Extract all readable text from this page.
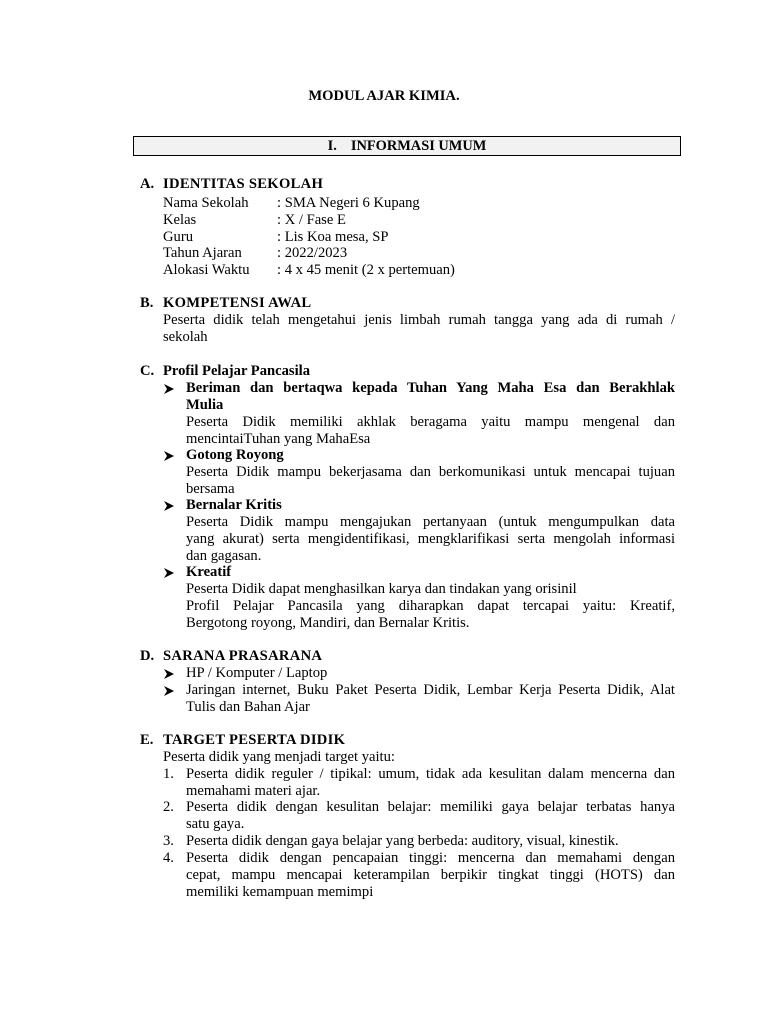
MODUL AJAR KIMIA.
I. INFORMASI UMUM
A. IDENTITAS SEKOLAH
Nama Sekolah	: SMA Negeri 6 Kupang
Kelas	: X / Fase E
Guru	: Lis Koa mesa, SP
Tahun Ajaran	: 2022/2023
Alokasi Waktu	: 4 x 45 menit (2 x pertemuan)
B. KOMPETENSI AWAL

Peserta didik telah mengetahui jenis limbah rumah tangga yang ada di rumah /

sekolah

C. Profil Pelajar Pancasila

Beriman dan bertaqwa kepada Tuhan Yang Maha Esa dan Berakhlak

Mulia

Peserta Didik memiliki akhlak beragama yaitu mampu mengenal dan

mencintaiTuhan yang MahaEsa

Gotong Royong

Peserta Didik mampu bekerjasama dan berkomunikasi untuk mencapai tujuan

bersama

Bernalar Kritis

Peserta Didik mampu mengajukan pertanyaan (untuk mengumpulkan data

yang akurat) serta mengidentifikasi, mengklarifikasi serta mengolah informasi

dan gagasan.

Kreatif

Peserta Didik dapat menghasilkan karya dan tindakan yang orisinil

Profil Pelajar Pancasila yang diharapkan dapat tercapai yaitu: Kreatif,

Bergotong royong, Mandiri, dan Bernalar Kritis.

D. SARANA PRASARANA

HP / Komputer / Laptop

Jaringan internet, Buku Paket Peserta Didik, Lembar Kerja Peserta Didik, Alat

Tulis dan Bahan Ajar

E. TARGET PESERTA DIDIK

Peserta didik yang menjadi target yaitu:

1. Peserta didik reguler / tipikal: umum, tidak ada kesulitan dalam mencerna dan

memahami materi ajar.

2. Peserta didik dengan kesulitan belajar: memiliki gaya belajar terbatas hanya

satu gaya.

3. Peserta didik dengan gaya belajar yang berbeda: auditory, visual, kinestik.

4. Peserta didik dengan pencapaian tinggi: mencerna dan memahami dengan

cepat, mampu mencapai keterampilan berpikir tingkat tinggi (HOTS) dan

memiliki kemampuan memimpi
